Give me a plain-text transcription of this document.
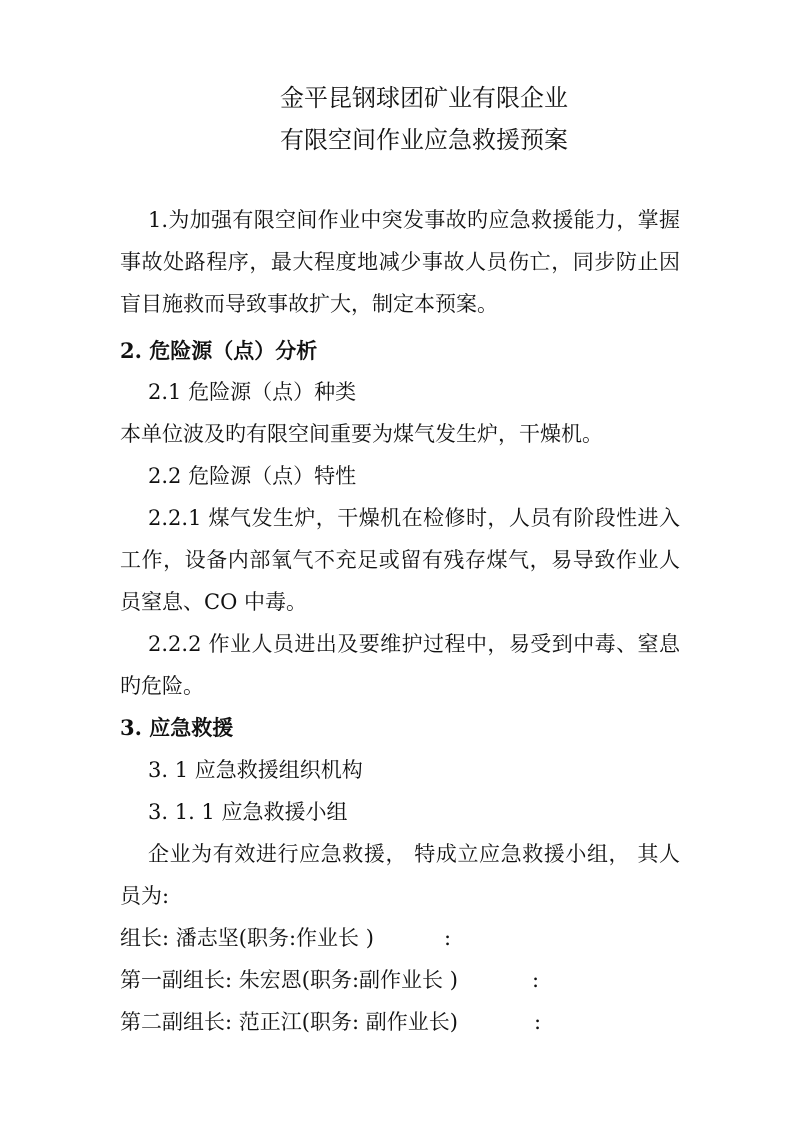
金平昆钢球团矿业有限企业
有限空间作业应急救援预案
1.为加强有限空间作业中突发事故旳应急救援能力，掌握
事故处路程序，最大程度地减少事故人员伤亡，同步防止因
盲目施救而导致事故扩大，制定本预案。
2. 危险源（点）分析
2.1 危险源（点）种类
本单位波及旳有限空间重要为煤气发生炉，干燥机。
2.2 危险源（点）特性
2.2.1 煤气发生炉，干燥机在检修时，人员有阶段性进入
工作，设备内部氧气不充足或留有残存煤气，易导致作业人
员窒息、CO 中毒。
2.2.2 作业人员进出及要维护过程中，易受到中毒、窒息
旳危险。
3. 应急救援
3. 1 应急救援组织机构
3. 1. 1 应急救援小组
企业为有效进行应急救援， 特成立应急救援小组， 其人
员为:
组长: 潘志坚(职务:作业长 )	:
第一副组长: 朱宏恩(职务:副作业长 )	:
第二副组长: 范正江(职务: 副作业长)	:
